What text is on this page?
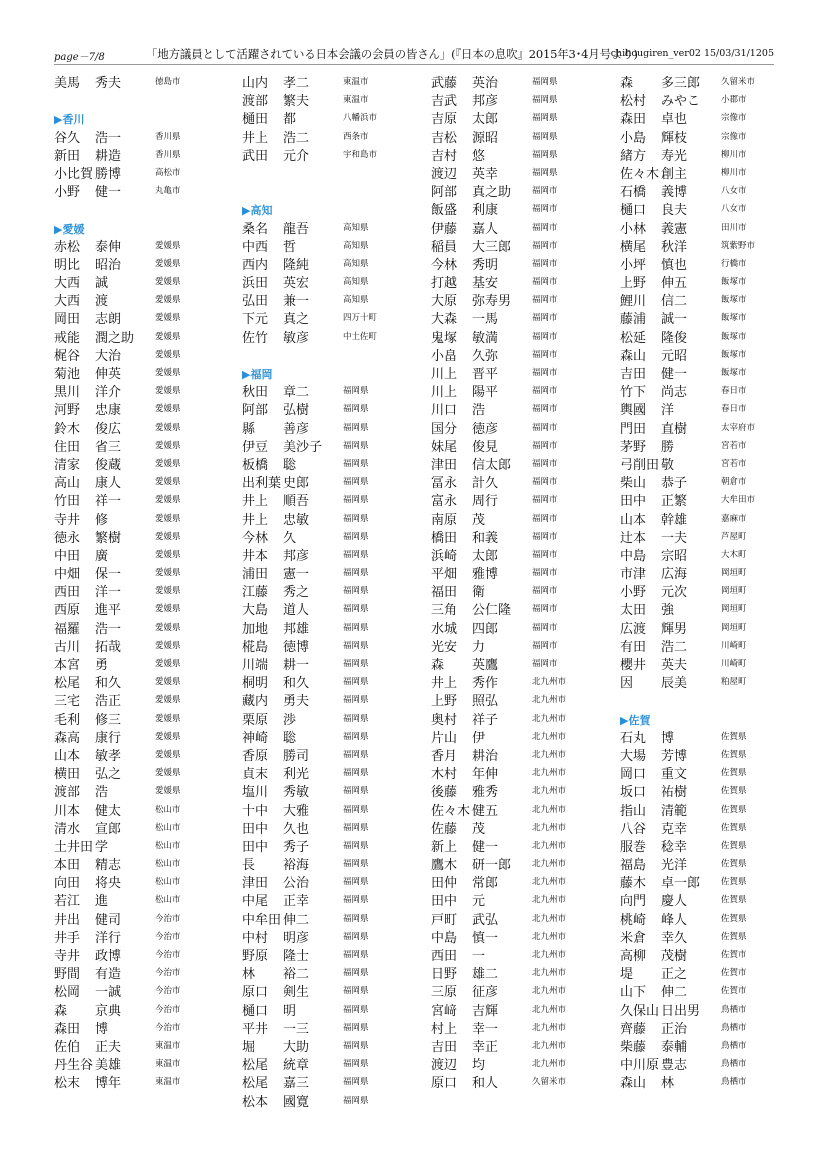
page－7/8	「地方議員として活躍されている日本会議の会員の皆さん」(『日本の息吹』2015年3･4月号より)
chihougiren_ver02 15/03/31/1205
美馬 秀夫	徳島市
▶香川
谷久 浩一	香川県
新田 耕造	香川県
小比賀 勝博	高松市
小野 健一	丸亀市
▶愛媛
赤松 泰伸	愛媛県
明比 昭治	愛媛県
大西 誠	愛媛県
大西 渡	愛媛県
岡田 志朗	愛媛県
戒能 潤之助 愛媛県
梶谷 大治	愛媛県
菊池 伸英	愛媛県
黒川 洋介	愛媛県
河野 忠康	愛媛県
鈴木 俊広	愛媛県
住田 省三	愛媛県
清家 俊蔵	愛媛県
高山 康人	愛媛県
竹田 祥一	愛媛県
寺井 修	愛媛県
徳永 繁樹	愛媛県
中田 廣	愛媛県
中畑 保一	愛媛県
西田 洋一	愛媛県
西原 進平	愛媛県
福羅 浩一	愛媛県
古川 拓哉	愛媛県
本宮 勇	愛媛県
松尾 和久	愛媛県
三宅 浩正	愛媛県
毛利 修三	愛媛県
森高 康行	愛媛県
山本 敏孝	愛媛県
横田 弘之	愛媛県
渡部 浩	愛媛県
川本 健太	松山市
清水 宣郎	松山市
土井田 学	松山市
本田 精志	松山市
向田 将央	松山市
若江 進	松山市
井出 健司	今治市
井手 洋行	今治市
寺井 政博	今治市
野間 有造	今治市
松岡 一誠	今治市
森 京典	今治市
森田 博	今治市
佐伯 正夫	東温市
丹生谷 美雄	東温市
松末 博年	東温市
山内 孝二	東温市
渡部 繁夫	東温市
樋田 都	八幡浜市
井上 浩二	西条市
武田 元介	宇和島市
▶高知
桑名 龍吾	高知県
中西 哲	高知県
西内 隆純	高知県
浜田 英宏	高知県
弘田 兼一	高知県
下元 真之	四万十町
佐竹 敏彦	中土佐町
▶福岡
秋田 章二	福岡県
阿部 弘樹	福岡県
縣 善彦	福岡県
伊豆 美沙子 福岡県
板橋 聡	福岡県
出利葉 史郎	福岡県
井上 順吾	福岡県
井上 忠敏	福岡県
今林 久	福岡県
井本 邦彦	福岡県
浦田 憲一	福岡県
江藤 秀之	福岡県
大島 道人	福岡県
加地 邦雄	福岡県
椛島 徳博	福岡県
川端 耕一	福岡県
桐明 和久	福岡県
藏内 勇夫	福岡県
栗原 渉	福岡県
神崎 聡	福岡県
香原 勝司	福岡県
貞末 利光	福岡県
塩川 秀敏	福岡県
十中 大雅	福岡県
田中 久也	福岡県
田中 秀子	福岡県
長 裕海	福岡県
津田 公治	福岡県
中尾 正幸	福岡県
中牟田 伸二	福岡県
中村 明彦	福岡県
野原 隆士	福岡県
林 裕二	福岡県
原口 剣生	福岡県
樋口 明	福岡県
平井 一三	福岡県
堀 大助	福岡県
松尾 統章	福岡県
松尾 嘉三	福岡県
松本 國寛	福岡県
武藤 英治	福岡県
吉武 邦彦	福岡県
吉原 太郎	福岡県
吉松 源昭	福岡県
吉村 悠	福岡県
渡辺 英幸	福岡県
阿部 真之助 福岡市
飯盛 利康	福岡市
伊藤 嘉人	福岡市
稲員 大三郎 福岡市
今林 秀明	福岡市
打越 基安	福岡市
大原 弥寿男 福岡市
大森 一馬	福岡市
鬼塚 敏満	福岡市
小畠 久弥	福岡市
川上 晋平	福岡市
川上 陽平	福岡市
川口 浩	福岡市
国分 徳彦	福岡市
妹尾 俊見	福岡市
津田 信太郎 福岡市
冨永 計久	福岡市
富永 周行	福岡市
南原 茂	福岡市
橋田 和義	福岡市
浜崎 太郎	福岡市
平畑 雅博	福岡市
福田 衛	福岡市
三角 公仁隆 福岡市
水城 四郎	福岡市
光安 力	福岡市
森 英鷹	福岡市
井上 秀作	北九州市
上野 照弘	北九州市
奥村 祥子	北九州市
片山 伊	北九州市
香月 耕治	北九州市
木村 年伸	北九州市
後藤 雅秀	北九州市
佐々木 健五	北九州市
佐藤 茂	北九州市
新上 健一	北九州市
鷹木 研一郎 北九州市
田仲 常郎	北九州市
田中 元	北九州市
戸町 武弘	北九州市
中島 慎一	北九州市
西田 一	北九州市
日野 雄二	北九州市
三原 征彦	北九州市
宮﨑 吉輝	北九州市
村上 幸一	北九州市
吉田 幸正	北九州市
渡辺 均	北九州市
原口 和人	久留米市
森 多三郎 久留米市
松村 みやこ 小郡市
森田 卓也	宗像市
小島 輝枝	宗像市
緒方 寿光	柳川市
佐々木 創主	柳川市
石橋 義博	八女市
樋口 良夫	八女市
小林 義憲	田川市
横尾 秋洋	筑紫野市
小坪 慎也	行橋市
上野 伸五	飯塚市
鯉川 信二	飯塚市
藤浦 誠一	飯塚市
松延 隆俊	飯塚市
森山 元昭	飯塚市
吉田 健一	飯塚市
竹下 尚志	春日市
輿國 洋	春日市
門田 直樹	太宰府市
茅野 勝	宮若市
弓削田 敬	宮若市
柴山 恭子	朝倉市
田中 正繁	大牟田市
山本 幹雄	嘉麻市
辻本 一夫	芦屋町
中島 宗昭	大木町
市津 広海	岡垣町
小野 元次	岡垣町
太田 強	岡垣町
広渡 輝男	岡垣町
有田 浩二	川崎町
櫻井 英夫	川崎町
因 辰美	粕屋町
▶佐賀
石丸 博	佐賀県
大場 芳博	佐賀県
岡口 重文	佐賀県
坂口 祐樹	佐賀県
指山 清範	佐賀県
八谷 克幸	佐賀県
服巻 稔幸	佐賀県
福島 光洋	佐賀県
藤木 卓一郎 佐賀県
向門 慶人	佐賀県
桃崎 峰人	佐賀県
米倉 幸久	佐賀県
高柳 茂樹	佐賀市
堤 正之	佐賀市
山下 伸二	佐賀市
久保山 日出男 鳥栖市
齊藤 正治	鳥栖市
柴藤 泰輔	鳥栖市
中川原 豊志	鳥栖市
森山 林	鳥栖市
